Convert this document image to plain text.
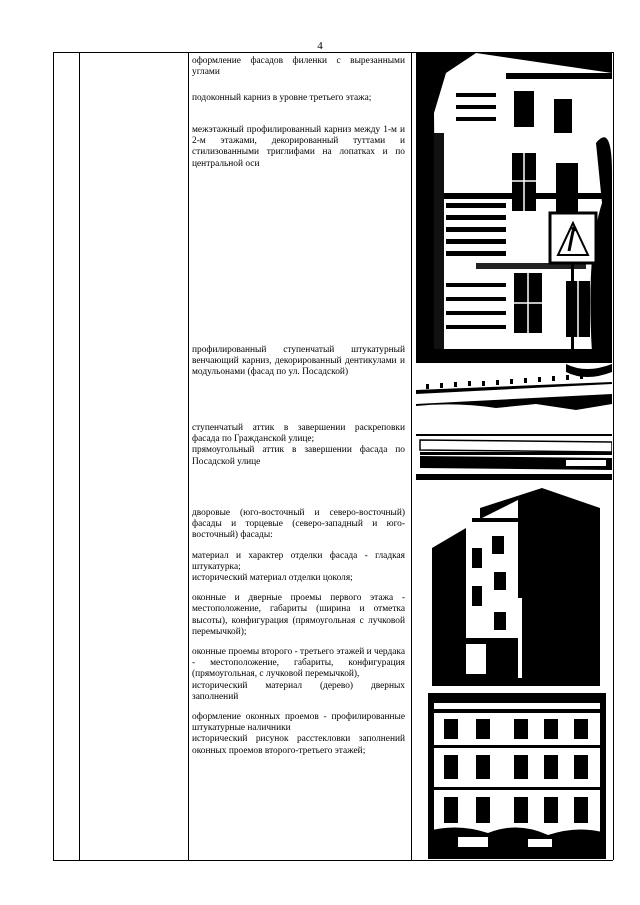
4

оформление фасадов филенки с вырезанными углами

подоконный карниз в уровне третьего этажа;

межэтажный профилированный карниз между 1-м и 2-м этажами, декорированный туттами и стилизованными триглифами на лопатках и по центральной оси

профилированный ступенчатый штукатурный венчающий карниз, декорированный дентикулами и модульонами (фасад по ул. Посадской)

ступенчатый аттик в завершении раскреповки фасада по Гражданской улице;

прямоугольный аттик в завершении фасада по Посадской улице

дворовые (юго-восточный и северо-восточный) фасады и торцевые (северо-западный и юго-восточный) фасады:

материал и характер отделки фасада - гладкая штукатурка;

исторический материал отделки цоколя;

оконные и дверные проемы первого этажа - местоположение, габариты (ширина и отметка высоты), конфигурация (прямоугольная с лучковой перемычкой);

оконные проемы второго - третьего этажей и чердака - местоположение, габариты, конфигурация (прямоугольная, с лучковой перемычкой),

исторический материал (дерево) дверных заполнений

оформление оконных проемов - профилированные штукатурные наличники

исторический рисунок расстекловки заполнений оконных проемов второго-третьего этажей;
